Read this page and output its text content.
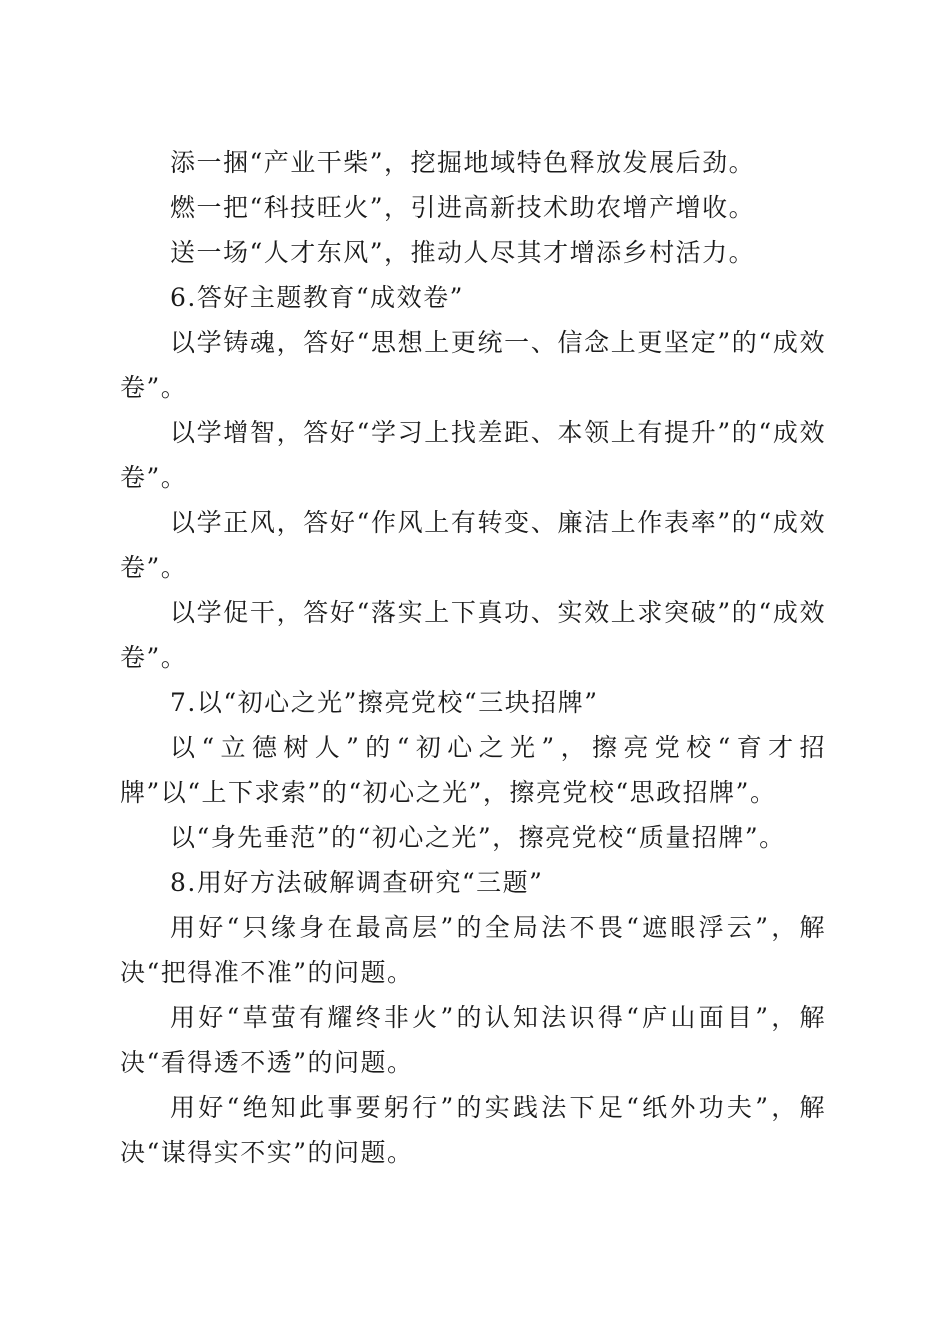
添一捆“产业干柴”，挖掘地域特色释放发展后劲。

燃一把“科技旺火”，引进高新技术助农增产增收。

送一场“人才东风”，推动人尽其才增添乡村活力。

6.答好主题教育“成效卷”

以学铸魂，答好“思想上更统一、信念上更坚定”的“成效卷”。

以学增智，答好“学习上找差距、本领上有提升”的“成效卷”。

以学正风，答好“作风上有转变、廉洁上作表率”的“成效卷”。

以学促干，答好“落实上下真功、实效上求突破”的“成效卷”。

7.以“初心之光”擦亮党校“三块招牌”

以“立德树人”的“初心之光”，擦亮党校“育才招牌”以“上下求索”的“初心之光”，擦亮党校“思政招牌”。

以“身先垂范”的“初心之光”，擦亮党校“质量招牌”。

8.用好方法破解调查研究“三题”

用好“只缘身在最高层”的全局法不畏“遮眼浮云”，解决“把得准不准”的问题。

用好“草萤有耀终非火”的认知法识得“庐山面目”，解决“看得透不透”的问题。

用好“绝知此事要躬行”的实践法下足“纸外功夫”，解决“谋得实不实”的问题。
